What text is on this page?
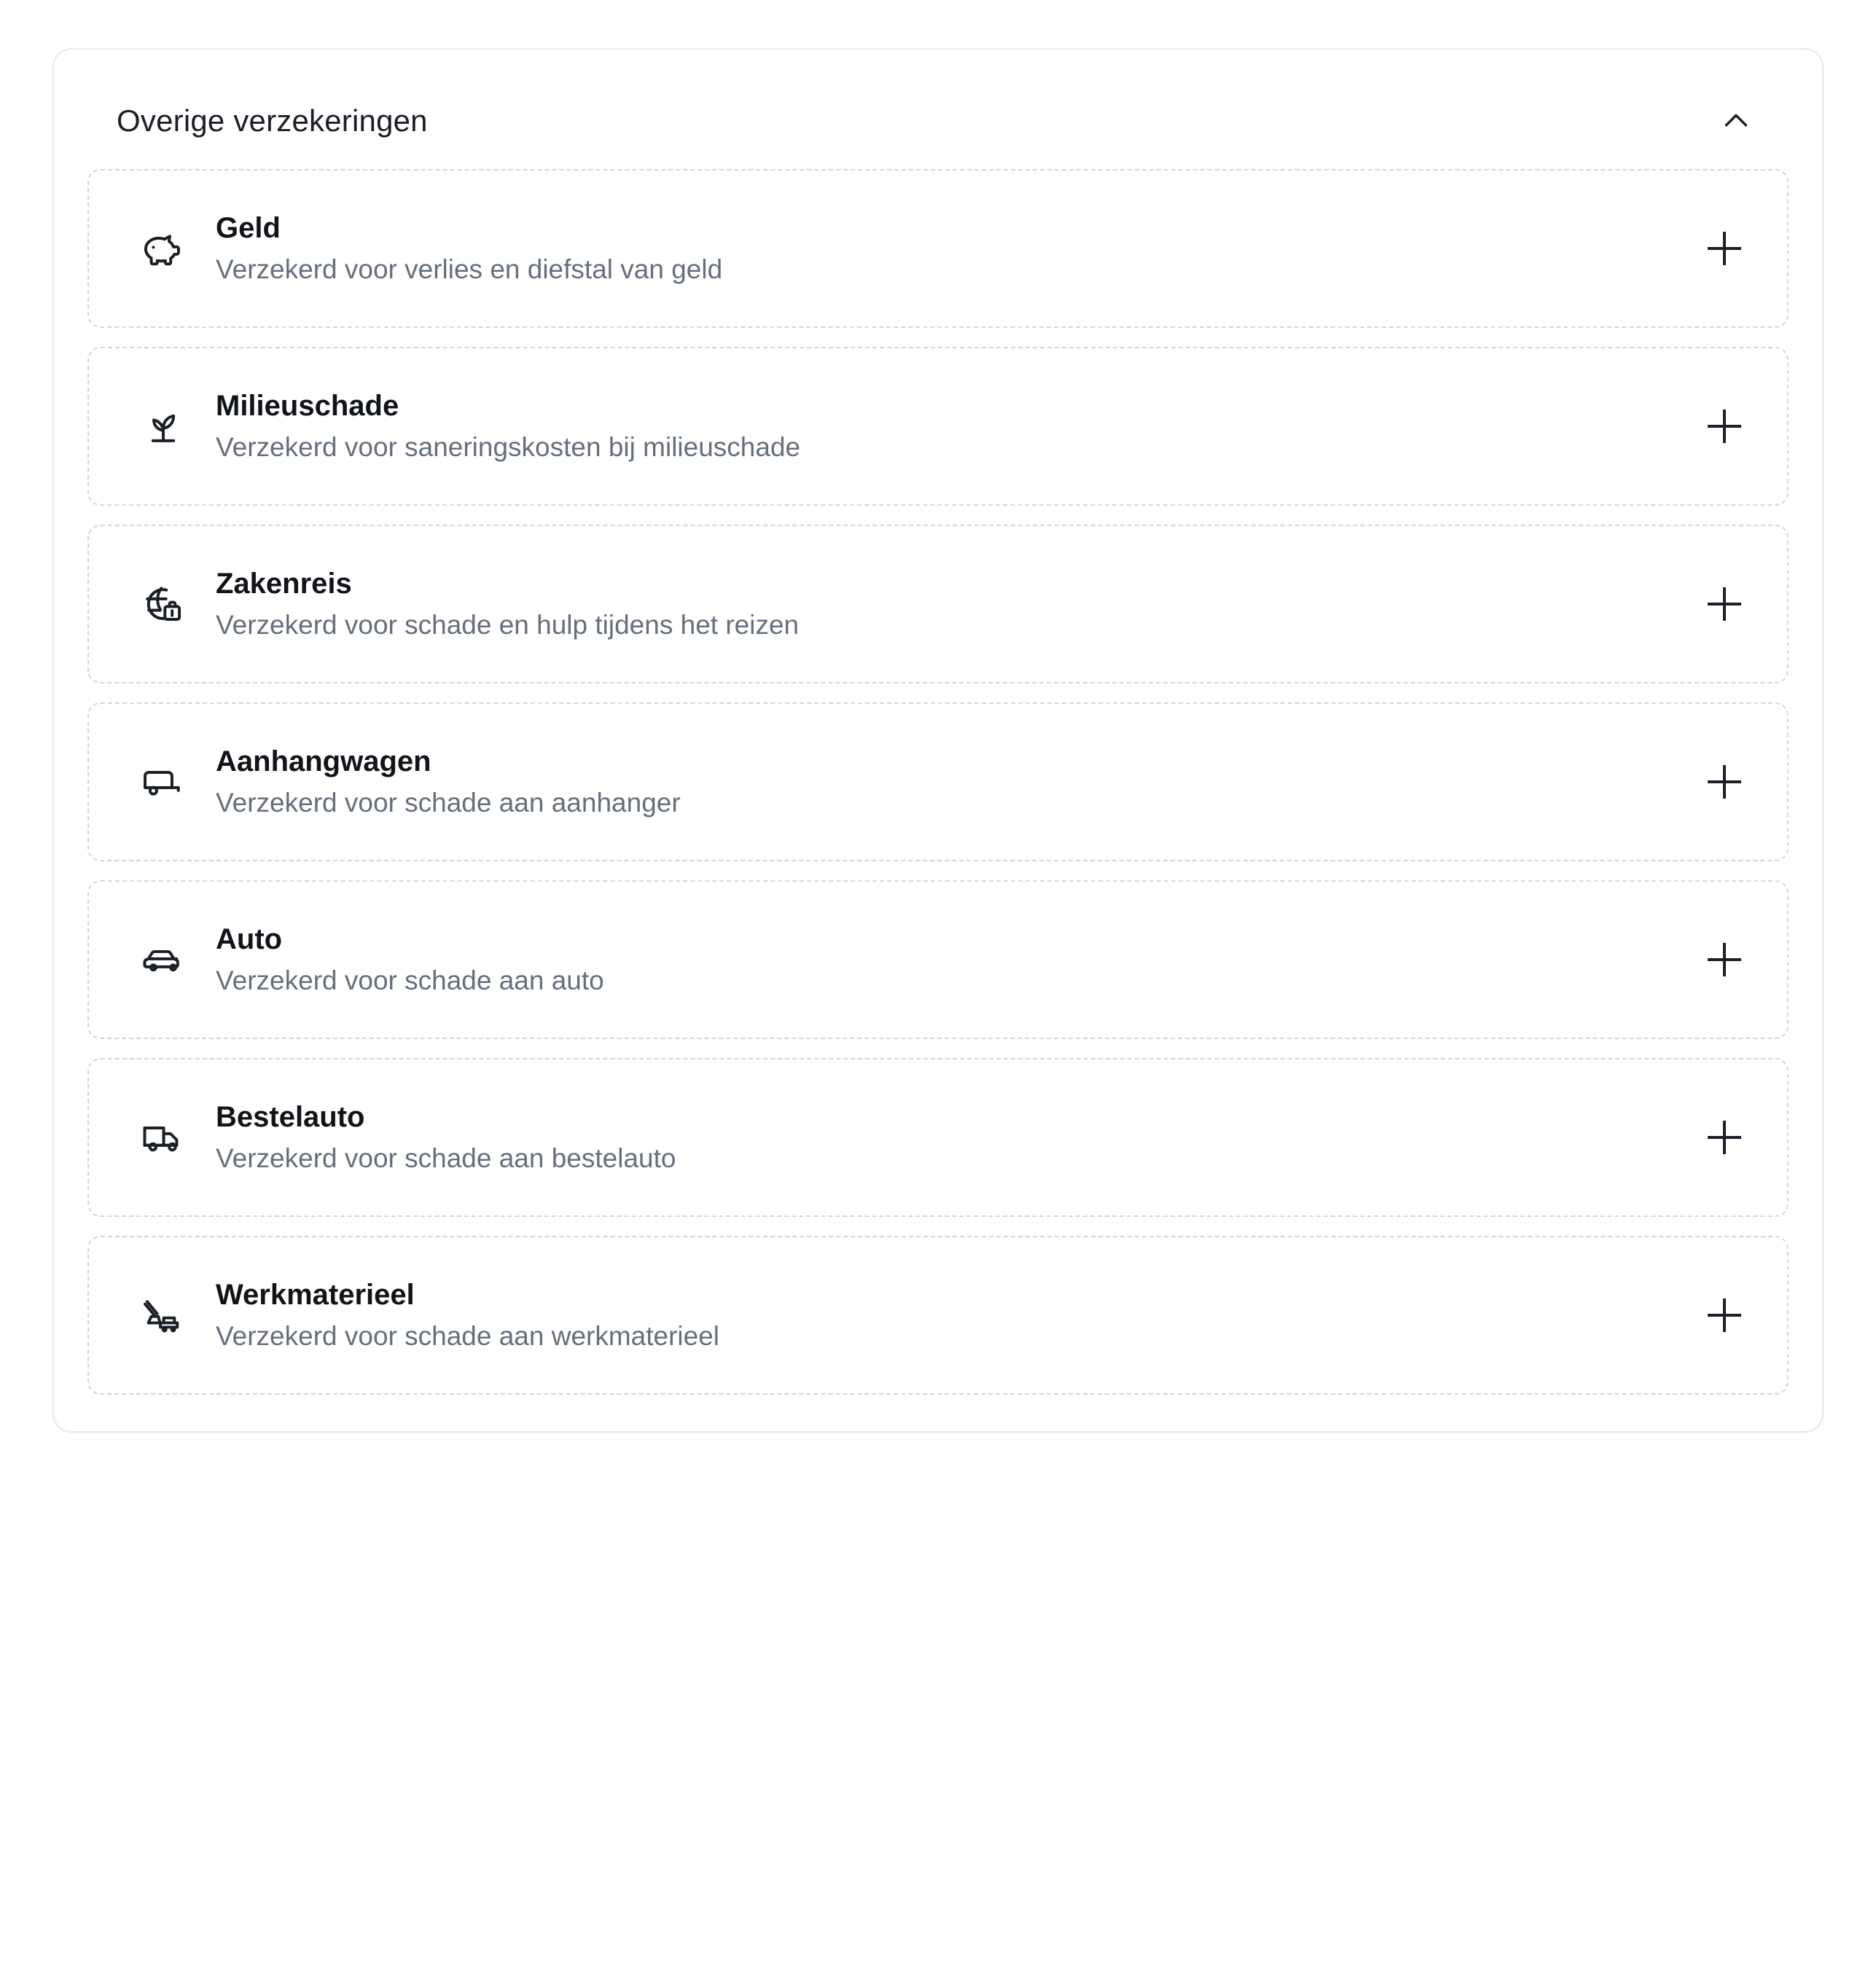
Overige verzekeringen
Geld
Verzekerd voor verlies en diefstal van geld
Milieuschade
Verzekerd voor saneringskosten bij milieuschade
Zakenreis
Verzekerd voor schade en hulp tijdens het reizen
Aanhangwagen
Verzekerd voor schade aan aanhanger
Auto
Verzekerd voor schade aan auto
Bestelauto
Verzekerd voor schade aan bestelauto
Werkmaterieel
Verzekerd voor schade aan werkmaterieel
